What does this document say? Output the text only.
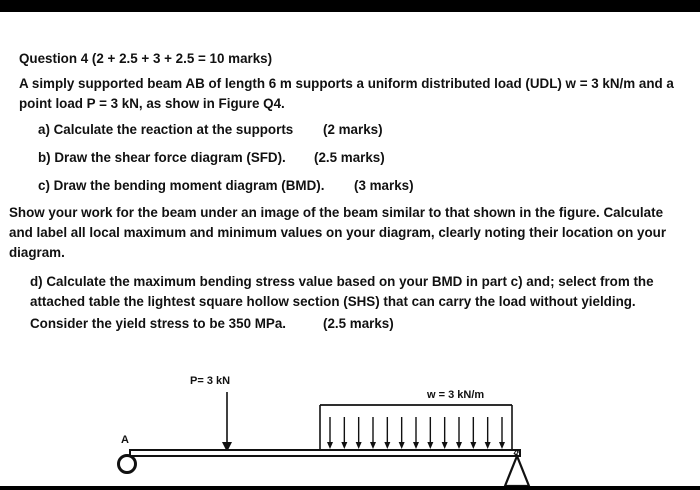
Question 4 (2 + 2.5 + 3 + 2.5 = 10 marks)
A simply supported beam AB of length 6 m supports a uniform distributed load (UDL) w = 3 kN/m and a
point load P = 3 kN, as show in Figure Q4.
a) Calculate the reaction at the supports (2 marks)
b) Draw the shear force diagram (SFD). (2.5 marks)
c) Draw the bending moment diagram (BMD). (3 marks)
Show your work for the beam under an image of the beam similar to that shown in the figure. Calculate
and label all local maximum and minimum values on your diagram, clearly noting their location on your
diagram.
d) Calculate the maximum bending stress value based on your BMD in part c) and; select from the
attached table the lightest square hollow section (SHS) that can carry the load without yielding.
Consider the yield stress to be 350 MPa.	(2.5 marks)
P= 3 kN
w = 3 kN/m
A
B
